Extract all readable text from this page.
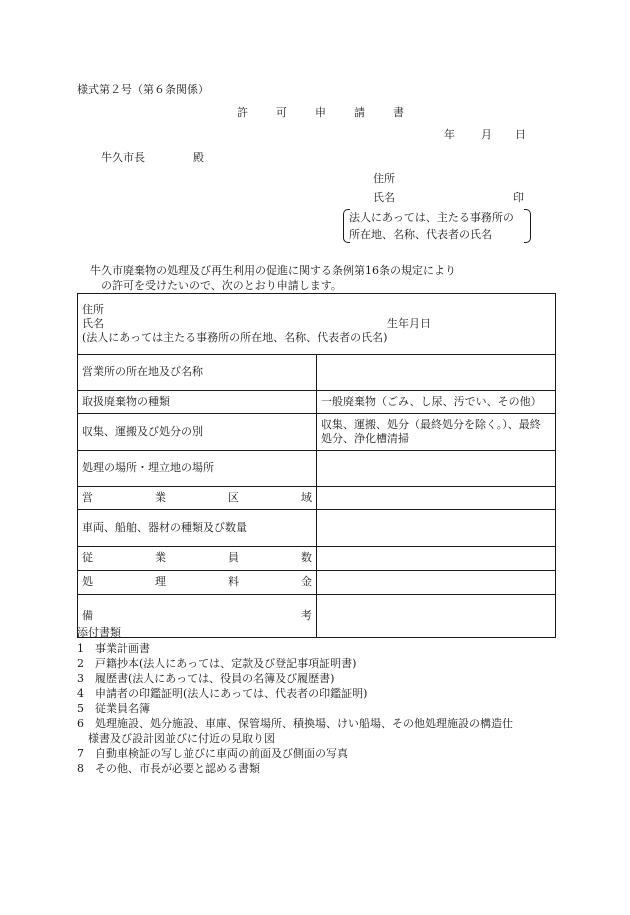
様式第２号（第６条関係）
許	可	申	請	書
年 月 日
牛久市長	殿
住所
氏名	印
法人にあっては、主たる事務所の
所在地、名称、代表者の氏名
牛久市廃棄物の処理及び再生利用の促進に関する条例第16条の規定により
の許可を受けたいので、次のとおり申請します。
住所
氏名 生年月日
(法人にあっては主たる事務所の所在地、名称、代表者の氏名)	

営業所の所在地及び名称	
取扱廃棄物の種類	一般廃棄物（ごみ、し尿、汚でい、その他）
収集、運搬及び処分の別	収集、運搬、処分（最終処分を除く。）、最終処分、浄化槽清掃
処理の場所・埋立地の場所	
営業区域	
車両、船舶、器材の種類及び数量	
従業員数	
処理料金	
備考	
添付書類
1　事業計画書
2　戸籍抄本(法人にあっては、定款及び登記事項証明書)
3　履歴書(法人にあっては、役員の名簿及び履歴書)
4　申請者の印鑑証明(法人にあっては、代表者の印鑑証明)
5　従業員名簿
6　処理施設、処分施設、車庫、保管場所、積換場、けい船場、その他処理施設の構造仕
様書及び設計図並びに付近の見取り図
7　自動車検証の写し並びに車両の前面及び側面の写真
8　その他、市長が必要と認める書類
